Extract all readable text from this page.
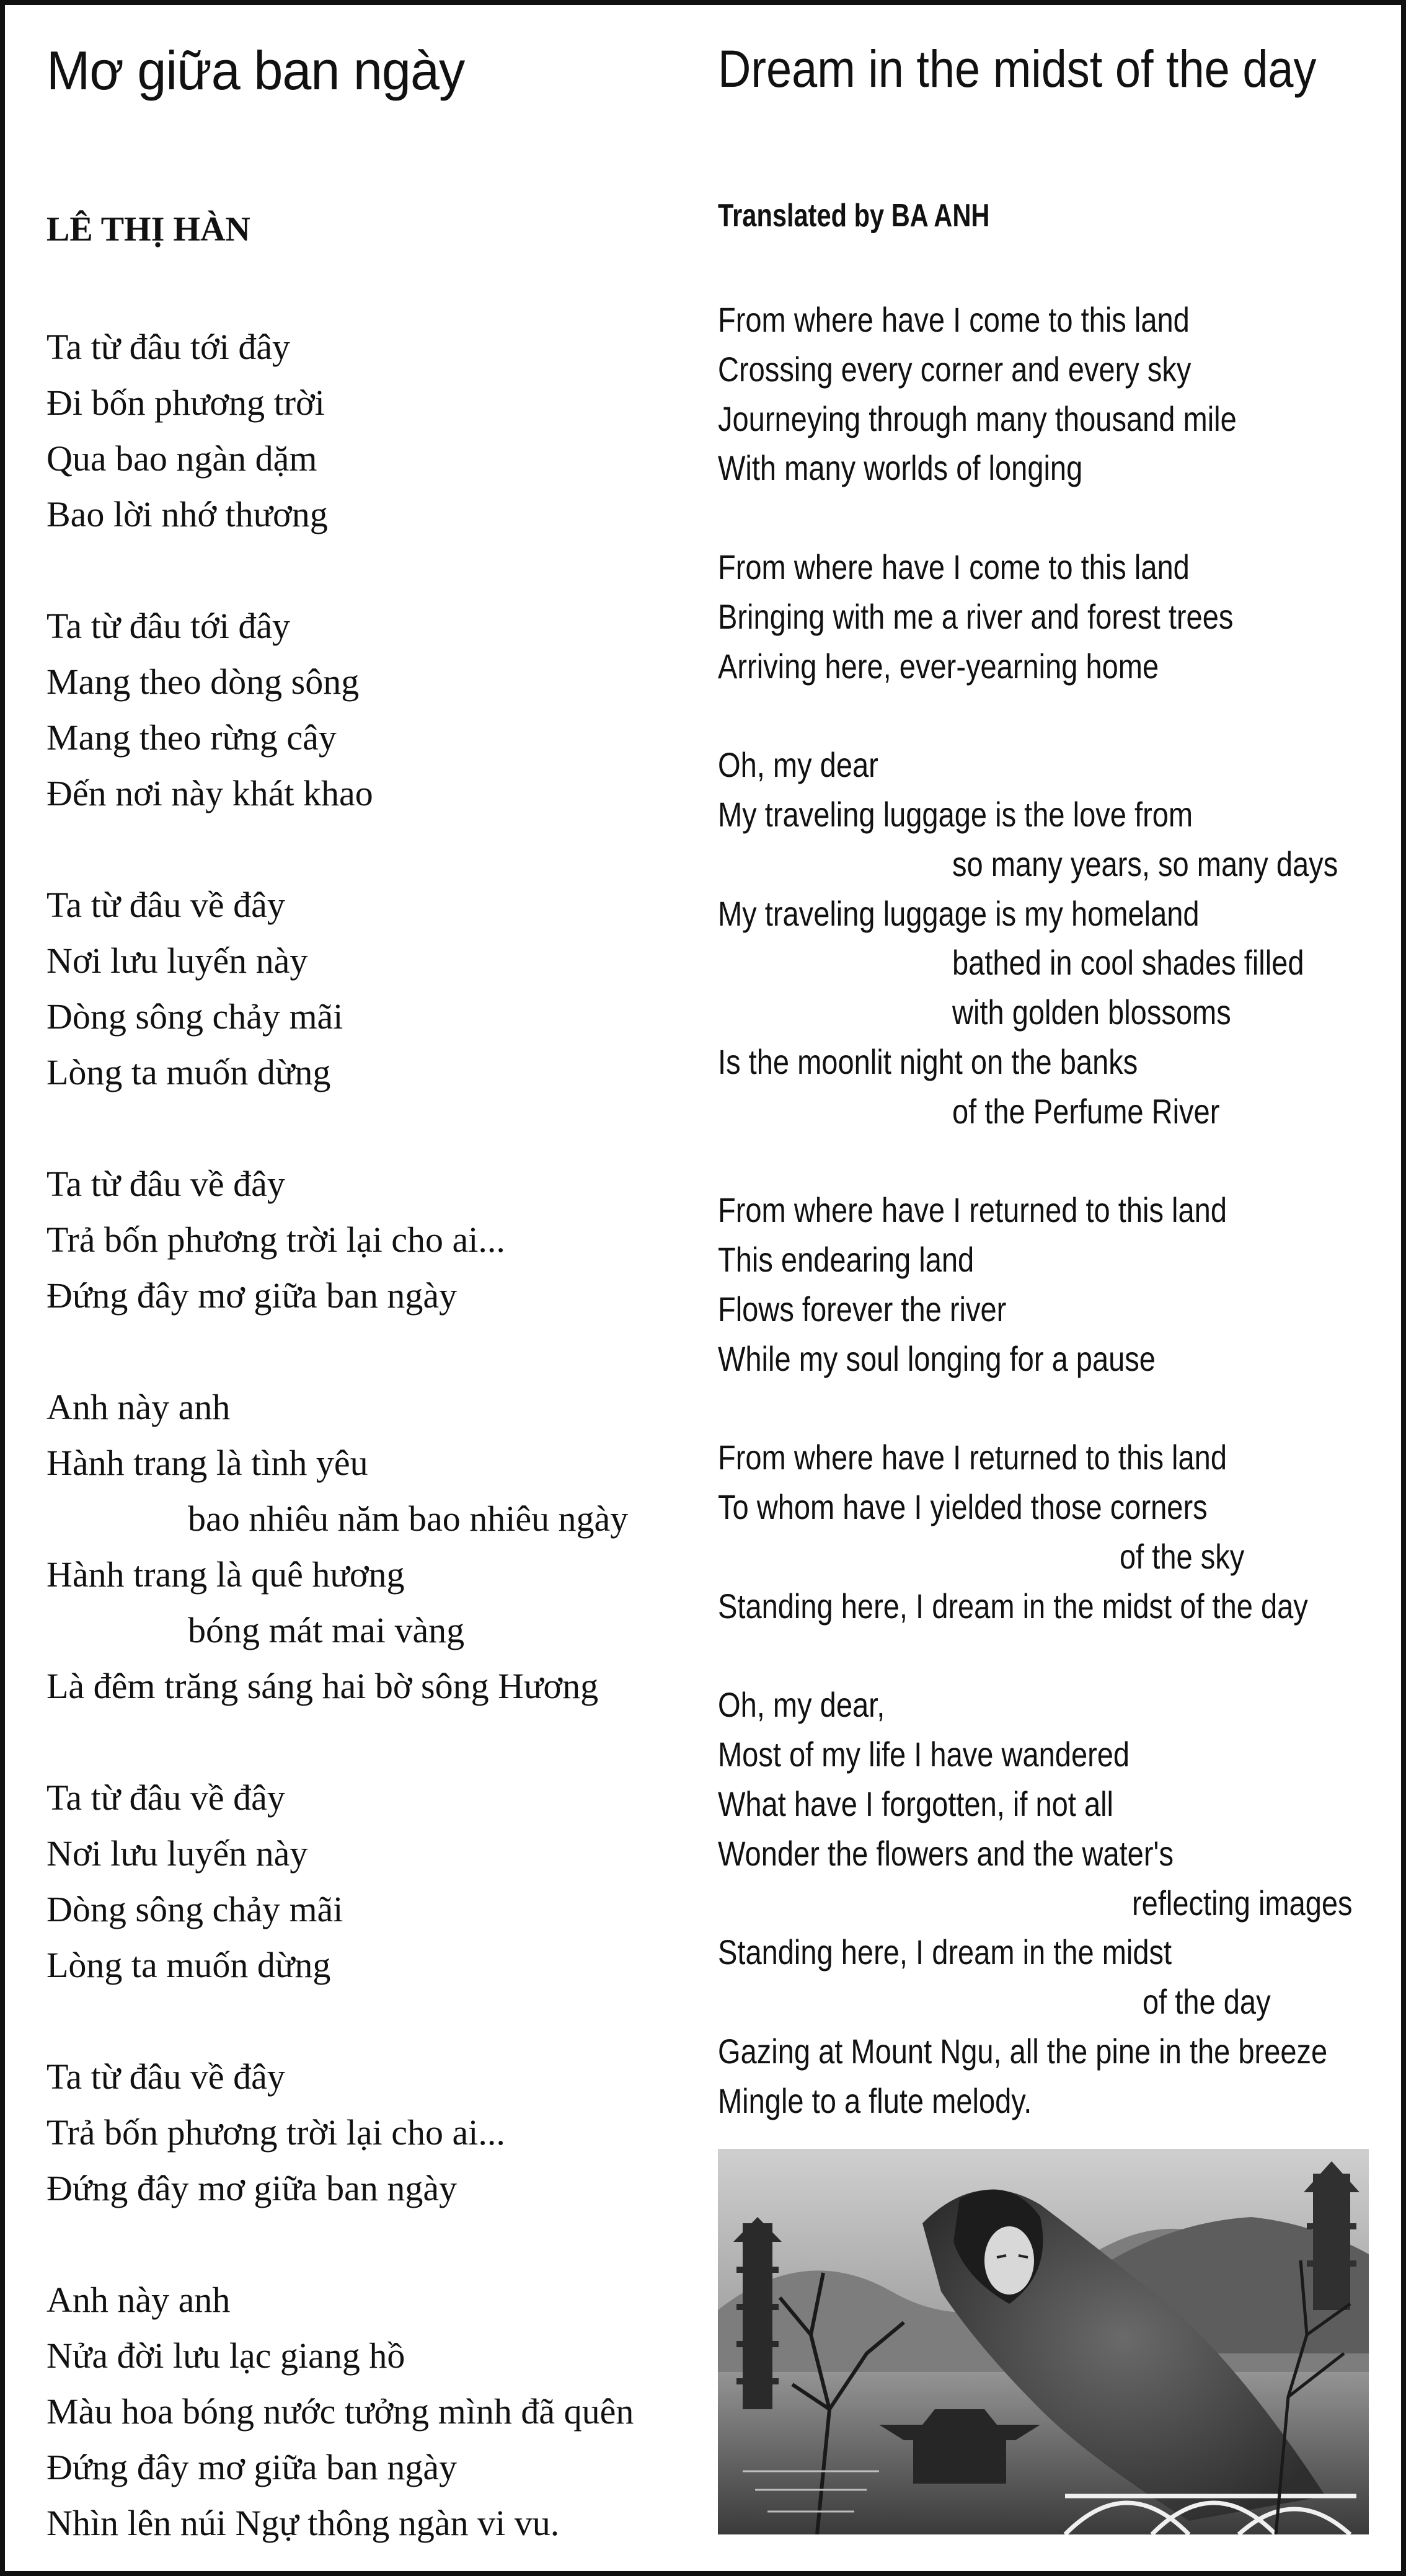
Mơ giữa ban ngày
LÊ THỊ HÀN
Ta từ đâu tới đây
Đi bốn phương trời
Qua bao ngàn dặm
Bao lời nhớ thương
Ta từ đâu tới đây
Mang theo dòng sông
Mang theo rừng cây
Đến nơi này khát khao
Ta từ đâu về đây
Nơi lưu luyến này
Dòng sông chảy mãi
Lòng ta muốn dừng
Ta từ đâu về đây
Trả bốn phương trời lại cho ai...
Đứng đây mơ giữa ban ngày
Anh này anh
Hành trang là tình yêu
bao nhiêu năm bao nhiêu ngày
Hành trang là quê hương
bóng mát mai vàng
Là đêm trăng sáng hai bờ sông Hương
Ta từ đâu về đây
Nơi lưu luyến này
Dòng sông chảy mãi
Lòng ta muốn dừng
Ta từ đâu về đây
Trả bốn phương trời lại cho ai...
Đứng đây mơ giữa ban ngày
Anh này anh
Nửa đời lưu lạc giang hồ
Màu hoa bóng nước tưởng mình đã quên
Đứng đây mơ giữa ban ngày
Nhìn lên núi Ngự thông ngàn vi vu.
Dream in the midst of the day
Translated by BA ANH
From where have I come to this land
Crossing every corner and every sky
Journeying through many thousand mile
With many worlds of longing
From where have I come to this land
Bringing with me a river and forest trees
Arriving here, ever-yearning home
Oh, my dear
My traveling luggage is the love from
so many years, so many days
My traveling luggage is my homeland
bathed in cool shades filled
with golden blossoms
Is the moonlit night on the banks
of the Perfume River
From where have I returned to this land
This endearing land
Flows forever the river
While my soul longing for a pause
From where have I returned to this land
To whom have I yielded those corners
of the sky
Standing here, I dream in the midst of the day
Oh, my dear,
Most of my life I have wandered
What have I forgotten, if not all
Wonder the flowers and the water's
reflecting images
Standing here, I dream in the midst
of the day
Gazing at Mount Ngu, all the pine in the breeze
Mingle to a flute melody.
